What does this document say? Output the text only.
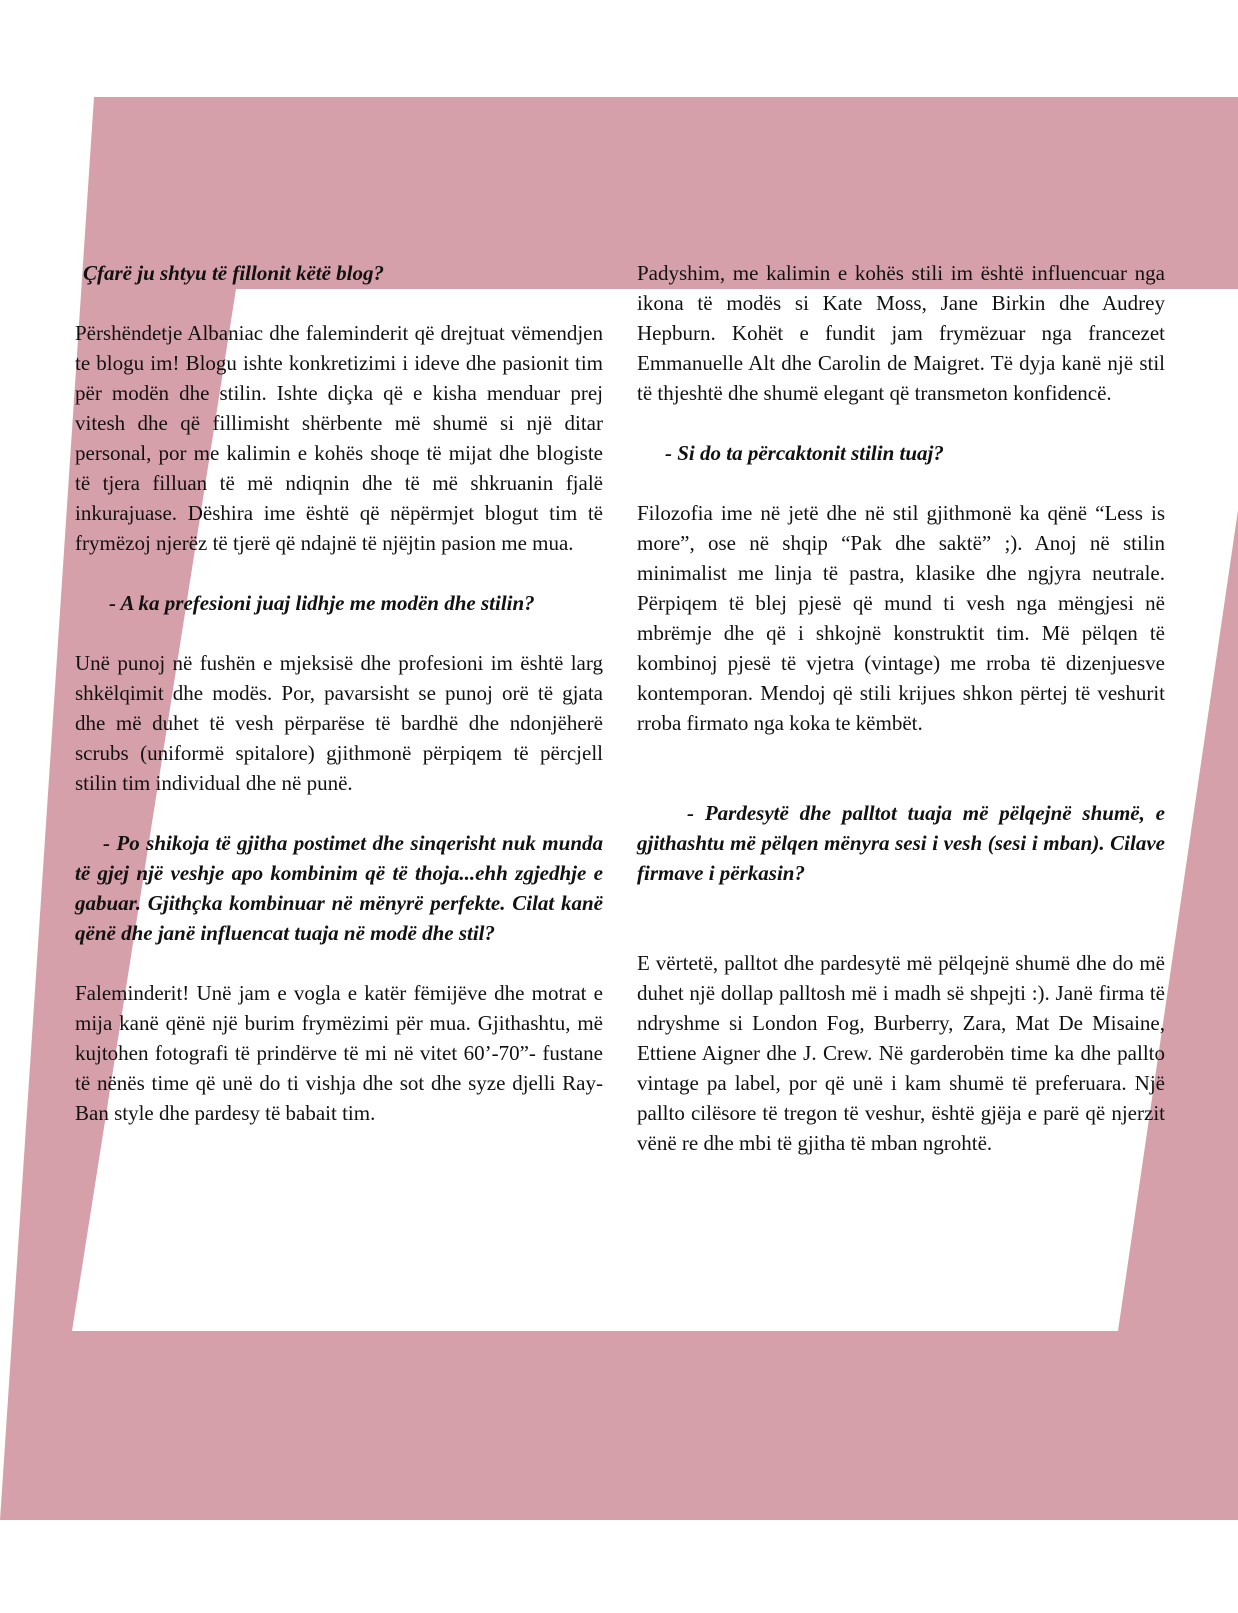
Çfarë ju shtyu të fillonit këtë blog?

Përshëndetje Albaniac dhe faleminderit që drejtuat vëmendjen te blogu im! Blogu ishte konkretizimi i ideve dhe pasionit tim për modën dhe stilin. Ishte diçka që e kisha menduar prej vitesh dhe që fillimisht shërbente më shumë si një ditar personal, por me kalimin e kohës shoqe të mijat dhe blogiste të tjera filluan të më ndiqnin dhe të më shkruanin fjalë inkurajuase. Dëshira ime është që nëpërmjet blogut tim të frymëzoj njerëz të tjerë që ndajnë të njëjtin pasion me mua.

- A ka prefesioni juaj lidhje me modën dhe stilin?

Unë punoj në fushën e mjeksisë dhe profesioni im është larg shkëlqimit dhe modës. Por, pavarsisht se punoj orë të gjata dhe më duhet të vesh përparëse të bardhë dhe ndonjëherë scrubs (uniformë spitalore) gjithmonë përpiqem të përcjell stilin tim individual dhe në punë.

- Po shikoja të gjitha postimet dhe sinqerisht nuk munda të gjej një veshje apo kombinim që të thoja...ehh zgjedhje e gabuar. Gjithçka kombinuar në mënyrë perfekte. Cilat kanë qënë dhe janë influencat tuaja në modë dhe stil?

Faleminderit! Unë jam e vogla e katër fëmijëve dhe motrat e mija kanë qënë një burim frymëzimi për mua. Gjithashtu, më kujtohen fotografi të prindërve të mi në vitet 60’-70”- fustane të nënës time që unë do ti vishja dhe sot dhe syze djelli Ray-Ban style dhe pardesy të babait tim.

Padyshim, me kalimin e kohës stili im është influencuar nga ikona të modës si Kate Moss, Jane Birkin dhe Audrey Hepburn. Kohët e fundit jam frymëzuar nga francezet Emmanuelle Alt dhe Carolin de Maigret. Të dyja kanë një stil të thjeshtë dhe shumë elegant që transmeton konfidencë.

- Si do ta përcaktonit stilin tuaj?

Filozofia ime në jetë dhe në stil gjithmonë ka qënë “Less is more”, ose në shqip “Pak dhe saktë” ;). Anoj në stilin minimalist me linja të pastra, klasike dhe ngjyra neutrale. Përpiqem të blej pjesë që mund ti vesh nga mëngjesi në mbrëmje dhe që i shkojnë konstruktit tim. Më pëlqen të kombinoj pjesë të vjetra (vintage) me rroba të dizenjuesve kontemporan. Mendoj që stili krijues shkon përtej të veshurit rroba firmato nga koka te këmbët.

- Pardesytë dhe palltot tuaja më pëlqejnë shumë, e gjithashtu më pëlqen mënyra sesi i vesh (sesi i mban). Cilave firmave i përkasin?

E vërtetë, palltot dhe pardesytë më pëlqejnë shumë dhe do më duhet një dollap palltosh më i madh së shpejti :). Janë firma të ndryshme si London Fog, Burberry, Zara, Mat De Misaine, Ettiene Aigner dhe J. Crew. Në garderobën time ka dhe pallto vintage pa label, por që unë i kam shumë të preferuara. Një pallto cilësore të tregon të veshur, është gjëja e parë që njerzit vënë re dhe mbi të gjitha të mban ngrohtë.
